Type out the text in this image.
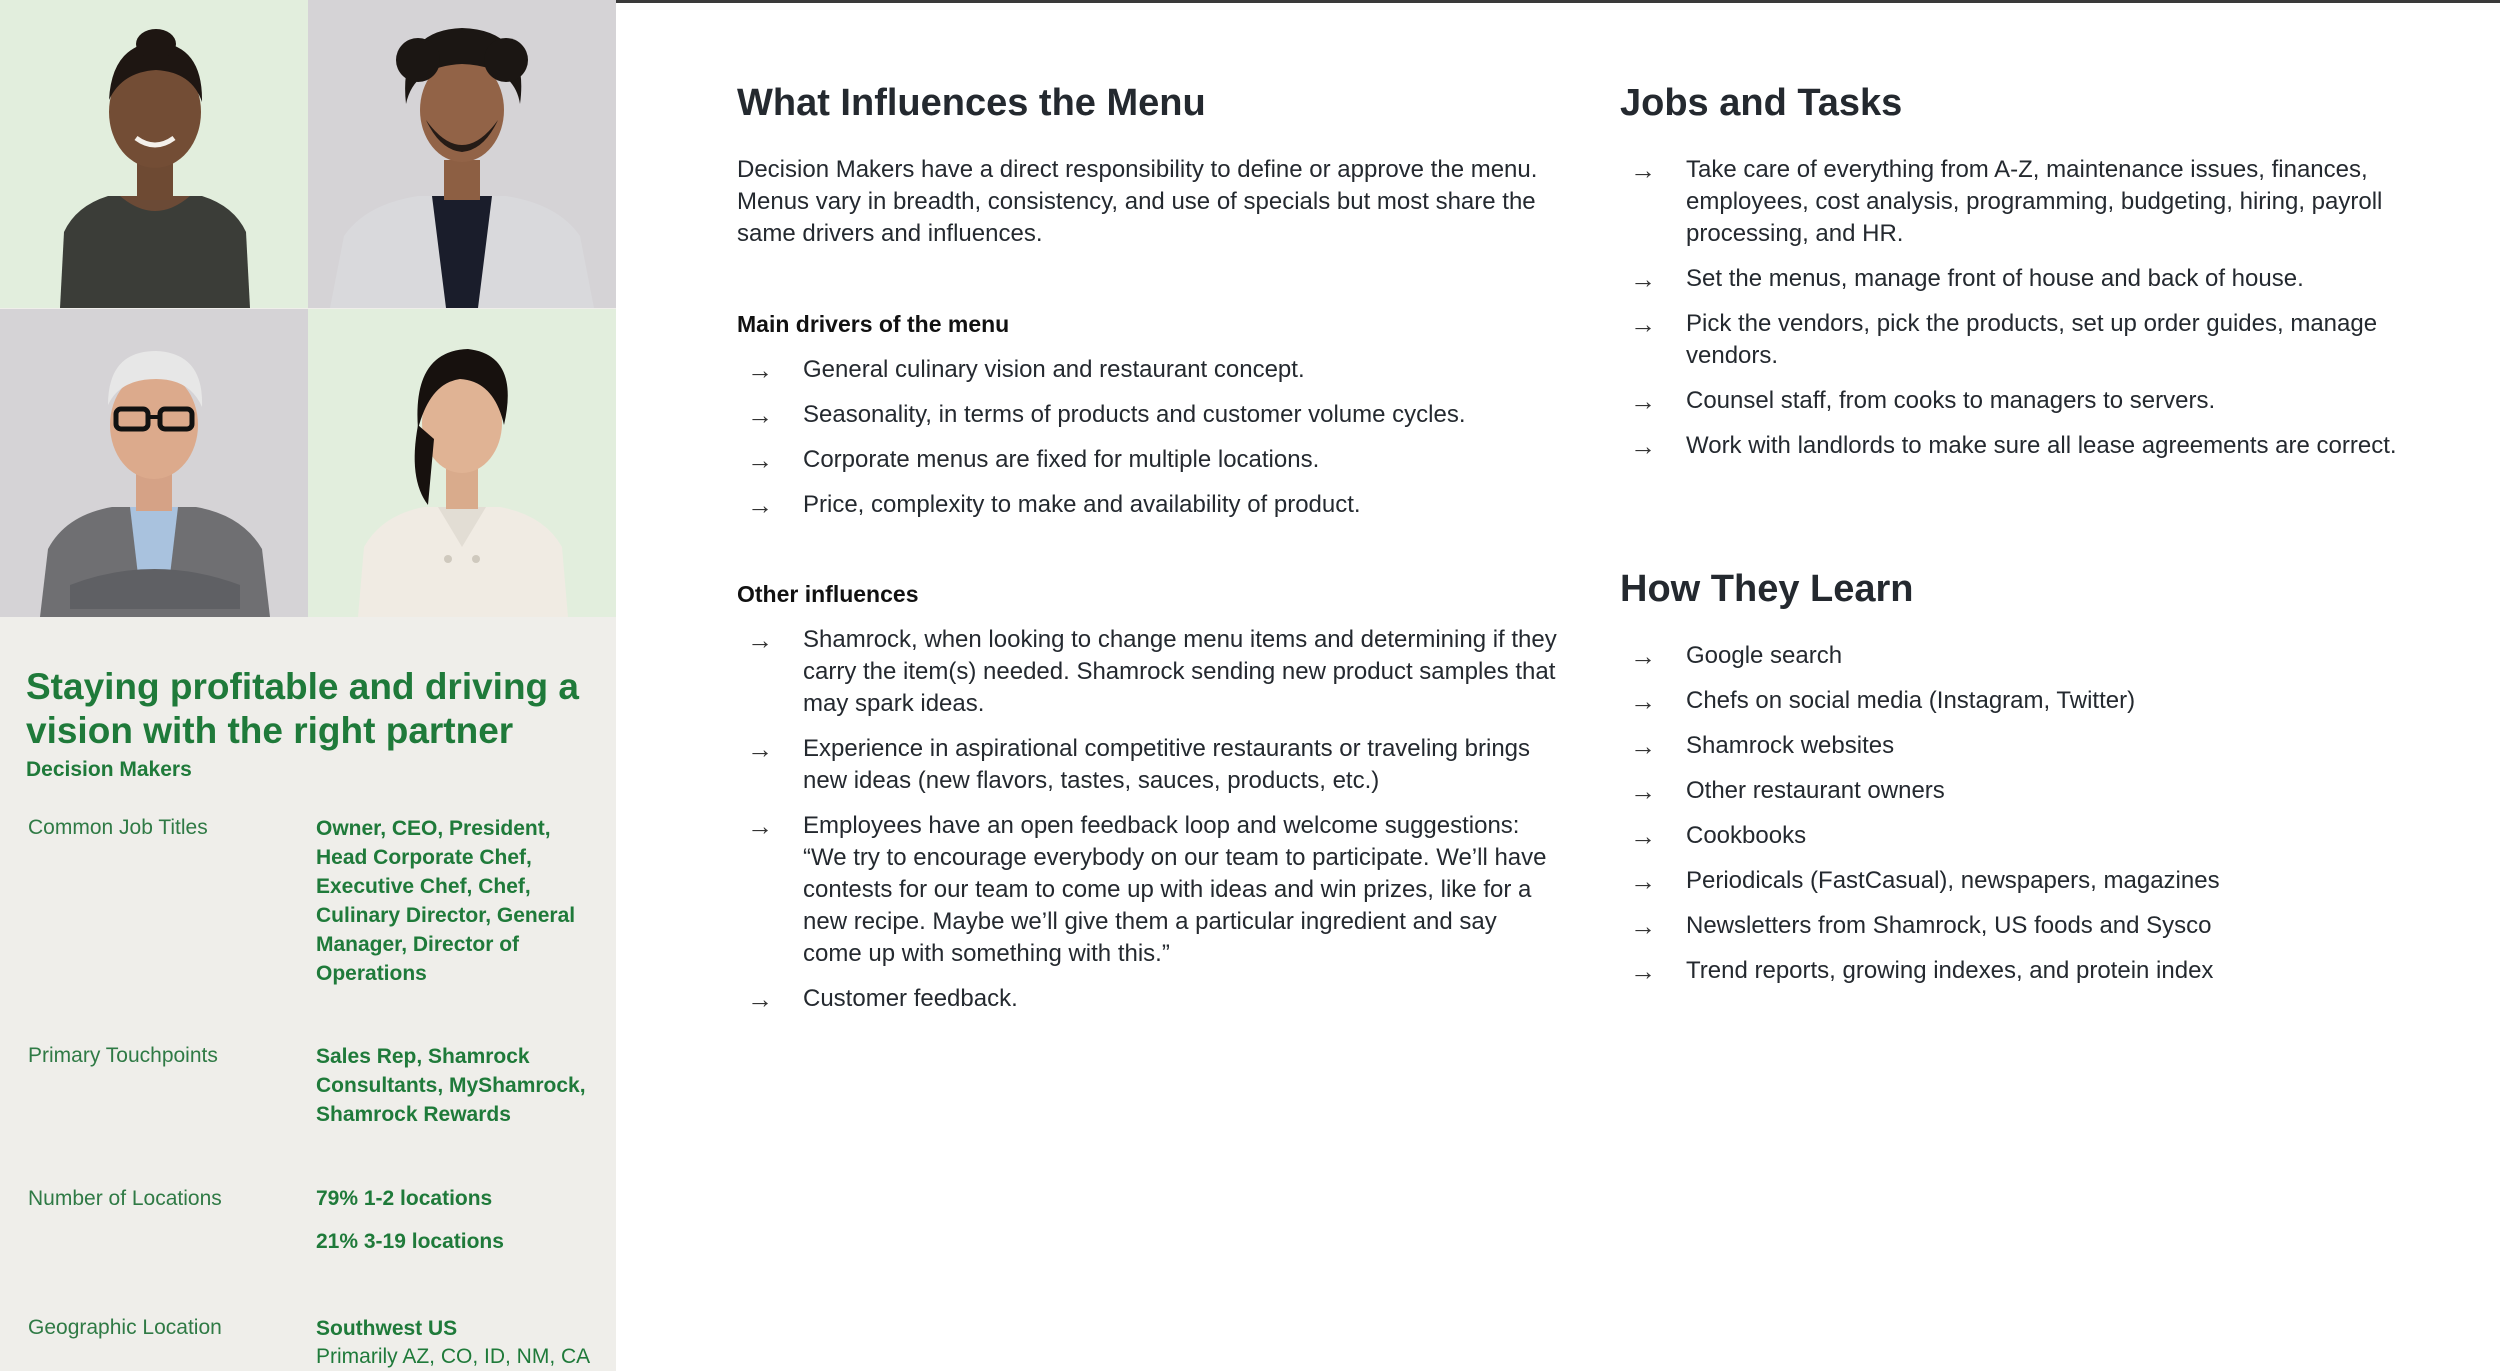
Staying profitable and driving a vision with the right partner
Decision Makers
Common Job Titles	Owner, CEO, President, Head Corporate Chef, Executive Chef, Chef, Culinary Director, General Manager, Director of Operations
Primary Touchpoints	Sales Rep, Shamrock Consultants, MyShamrock, Shamrock Rewards
Number of Locations	79% 1-2 locations
21% 3-19 locations
Geographic Location	Southwest US
Primarily AZ, CO, ID, NM, CA
What Influences the Menu

Decision Makers have a direct responsibility to define or approve the menu. Menus vary in breadth, consistency, and use of specials but most share the same drivers and influences.

Main drivers of the menu
→	General culinary vision and restaurant concept.
→	Seasonality, in terms of products and customer volume cycles.
→	Corporate menus are fixed for multiple locations.
→	Price, complexity to make and availability of product.
Other influences
→	Shamrock, when looking to change menu items and determining if they carry the item(s) needed. Shamrock sending new product samples that may spark ideas.
→	Experience in aspirational competitive restaurants or traveling brings new ideas (new flavors, tastes, sauces, products, etc.)
→	Employees have an open feedback loop and welcome suggestions: “We try to encourage everybody on our team to participate. We’ll have contests for our team to come up with ideas and win prizes, like for a new recipe. Maybe we’ll give them a particular ingredient and say come up with something with this.”
→	Customer feedback.
Jobs and Tasks
→	Take care of everything from A-Z, maintenance issues, finances, employees, cost analysis, programming, budgeting, hiring, payroll processing, and HR.
→	Set the menus, manage front of house and back of house.
→	Pick the vendors, pick the products, set up order guides, manage vendors.
→	Counsel staff, from cooks to managers to servers.
→	Work with landlords to make sure all lease agreements are correct.
How They Learn
→	Google search
→	Chefs on social media (Instagram, Twitter)
→	Shamrock websites
→	Other restaurant owners
→	Cookbooks
→	Periodicals (FastCasual), newspapers, magazines
→	Newsletters from Shamrock, US foods and Sysco
→	Trend reports, growing indexes, and protein index
